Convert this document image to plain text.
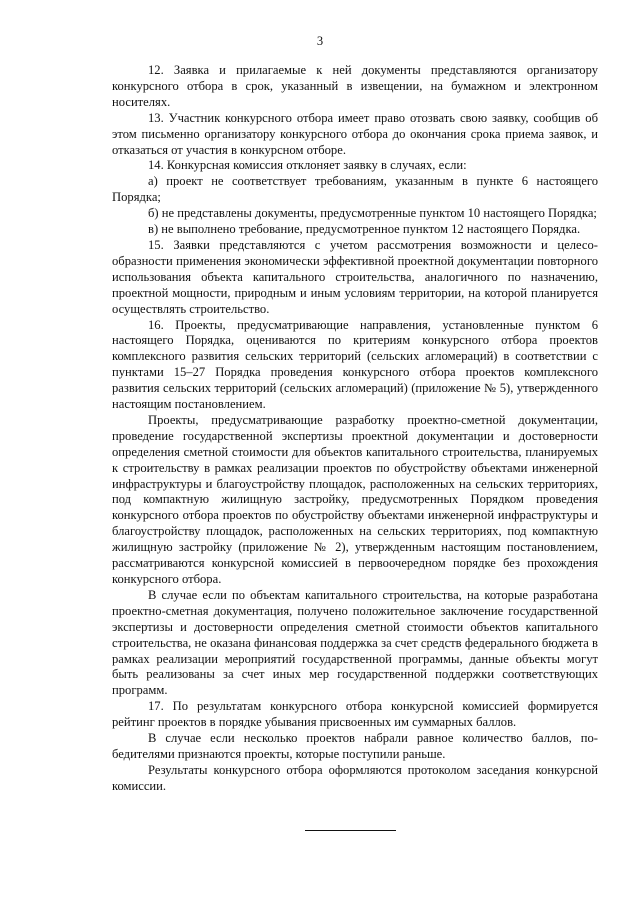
3

12. Заявка и прилагаемые к ней документы представляются организатору конкурсного отбора в срок, указанный в извещении, на бумажном и электронном носителях.

13. Участник конкурсного отбора имеет право отозвать свою заявку, сообщив об этом письменно организатору конкурсного отбора до окончания срока приема заявок, и отказаться от участия в конкурсном отборе.

14. Конкурсная комиссия отклоняет заявку в случаях, если:

а) проект не соответствует требованиям, указанным в пункте 6 настоящего Порядка;

б) не представлены документы, предусмотренные пунктом 10 настоящего Порядка;

в) не выполнено требование, предусмотренное пунктом 12 настоящего Порядка.

15. Заявки представляются с учетом рассмотрения возможности и целесообразности применения экономически эффективной проектной документации повторного использования объекта капитального строительства, аналогичного по назначению, проектной мощности, природным и иным условиям территории, на которой планируется осуществлять строительство.

16. Проекты, предусматривающие направления, установленные пунктом 6 настоящего Порядка, оцениваются по критериям конкурсного отбора проектов комплексного развития сельских территорий (сельских агломераций) в соответствии с пунктами 15–27 Порядка проведения конкурсного отбора проектов комплексного развития сельских территорий (сельских агломераций) (приложение № 5), утвержденного настоящим постановлением.

Проекты, предусматривающие разработку проектно-сметной документации, проведение государственной экспертизы проектной документации и достоверности определения сметной стоимости для объектов капитального строительства, планируемых к строительству в рамках реализации проектов по обустройству объектами инженерной инфраструктуры и благоустройству площадок, расположенных на сельских территориях, под компактную жилищную застройку, предусмотренных Порядком проведения конкурсного отбора проектов по обустройству объектами инженерной инфраструктуры и благоустройству площадок, расположенных на сельских территориях, под компактную жилищную застройку (приложение № 2), утвержденным настоящим постановлением, рассматриваются конкурсной комиссией в первоочередном порядке без прохождения конкурсного отбора.

В случае если по объектам капитального строительства, на которые разработана проектно-сметная документация, получено положительное заключение государственной экспертизы и достоверности определения сметной стоимости объектов капитального строительства, не оказана финансовая поддержка за счет средств федерального бюджета в рамках реализации мероприятий государственной программы, данные объекты могут быть реализованы за счет иных мер государственной поддержки соответствующих программ.

17. По результатам конкурсного отбора конкурсной комиссией формируется рейтинг проектов в порядке убывания присвоенных им суммарных баллов.

В случае если несколько проектов набрали равное количество баллов, победителями признаются проекты, которые поступили раньше.

Результаты конкурсного отбора оформляются протоколом заседания конкурсной комиссии.
